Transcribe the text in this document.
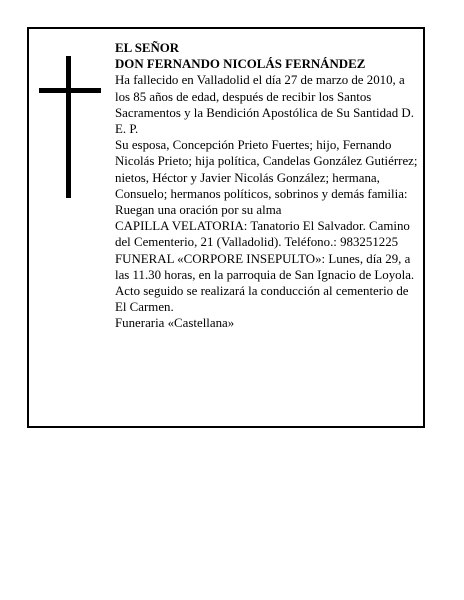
EL SEÑOR

DON FERNANDO NICOLÁS FERNÁNDEZ

Ha fallecido en Valladolid el día 27 de marzo de 2010, a los 85 años de edad, después de recibir los Santos Sacramentos y la Bendición Apostólica de Su Santidad D. E. P.

Su esposa, Concepción Prieto Fuertes; hijo, Fernando Nicolás Prieto; hija política, Candelas González Gutiérrez; nietos, Héctor y Javier Nicolás González; hermana, Consuelo; hermanos políticos, sobrinos y demás familia:

Ruegan una oración por su alma

CAPILLA VELATORIA: Tanatorio El Salvador. Camino del Cementerio, 21 (Valladolid). Teléfono.: 983251225

FUNERAL «CORPORE INSEPULTO»: Lunes, día 29, a las 11.30 horas, en la parroquia de San Ignacio de Loyola. Acto seguido se realizará la conducción al cementerio de El Carmen.

Funeraria «Castellana»
